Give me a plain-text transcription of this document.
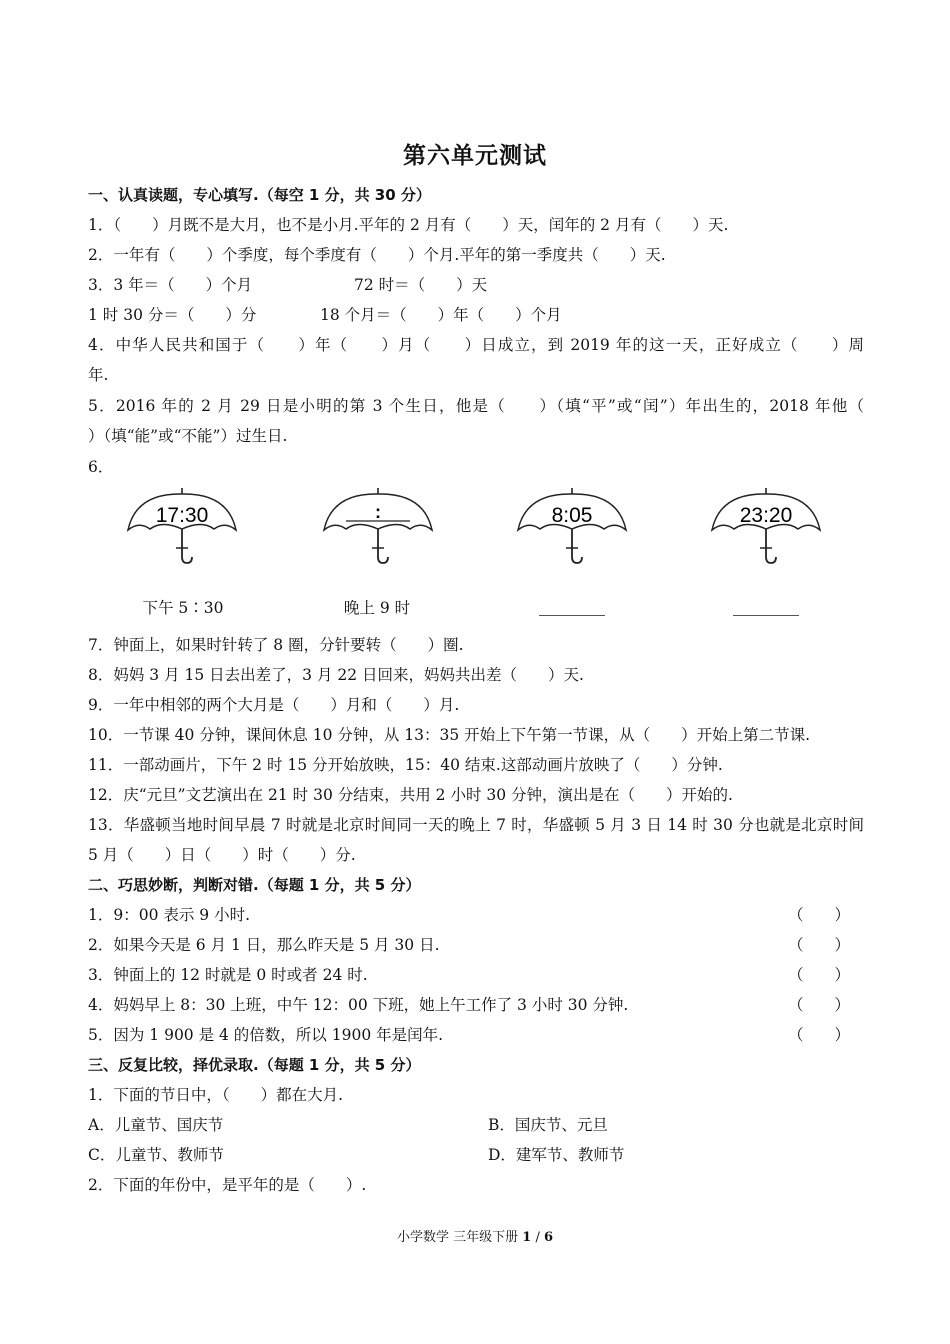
第六单元测试
一、认真读题，专心填写.（每空 1 分，共 30 分）
1．（　　）月既不是大月，也不是小月.平年的 2 月有（　　）天，闰年的 2 月有（　　）天.
2．一年有（　　）个季度，每个季度有（　　）个月.平年的第一季度共（　　）天.
3．3 年＝（　　）个月	72 时＝（　　）天
1 时 30 分＝（　　）分	18 个月＝（　　）年（　　）个月
4．中华人民共和国于（　　）年（　　）月（　　）日成立，到 2019 年的这一天，正好成立（　　）周
年.
5．2016 年的 2 月 29 日是小明的第 3 个生日，他是（　　）（填“平”或“闰”）年出生的，2018 年他（
）（填“能”或“不能”）过生日.
6．
17:30	:	8:05	23:20
下午 5∶30	晚上 9 时
7．钟面上，如果时针转了 8 圈，分针要转（　　）圈.
8．妈妈 3 月 15 日去出差了，3 月 22 日回来，妈妈共出差（　　）天.
9．一年中相邻的两个大月是（　　）月和（　　）月.
10．一节课 40 分钟，课间休息 10 分钟，从 13：35 开始上下午第一节课，从（　　）开始上第二节课.
11．一部动画片，下午 2 时 15 分开始放映，15：40 结束.这部动画片放映了（　　）分钟.
12．庆“元旦”文艺演出在 21 时 30 分结束，共用 2 小时 30 分钟，演出是在（　　）开始的.
13．华盛顿当地时间早晨 7 时就是北京时间同一天的晚上 7 时，华盛顿 5 月 3 日 14 时 30 分也就是北京时间
5 月（　　）日（　　）时（　　）分.
二、巧思妙断，判断对错.（每题 1 分，共 5 分）
1．9：00 表示 9 小时.	（　　）
2．如果今天是 6 月 1 日，那么昨天是 5 月 30 日.	（　　）
3．钟面上的 12 时就是 0 时或者 24 时.	（　　）
4．妈妈早上 8：30 上班，中午 12：00 下班，她上午工作了 3 小时 30 分钟.	（　　）
5．因为 1 900 是 4 的倍数，所以 1900 年是闰年.	（　　）
三、反复比较，择优录取.（每题 1 分，共 5 分）
1．下面的节日中，（　　）都在大月.
A．儿童节、国庆节	B．国庆节、元旦
C．儿童节、教师节	D．建军节、教师节
2．下面的年份中，是平年的是（　　）.
小学数学 三年级下册 1 / 6
